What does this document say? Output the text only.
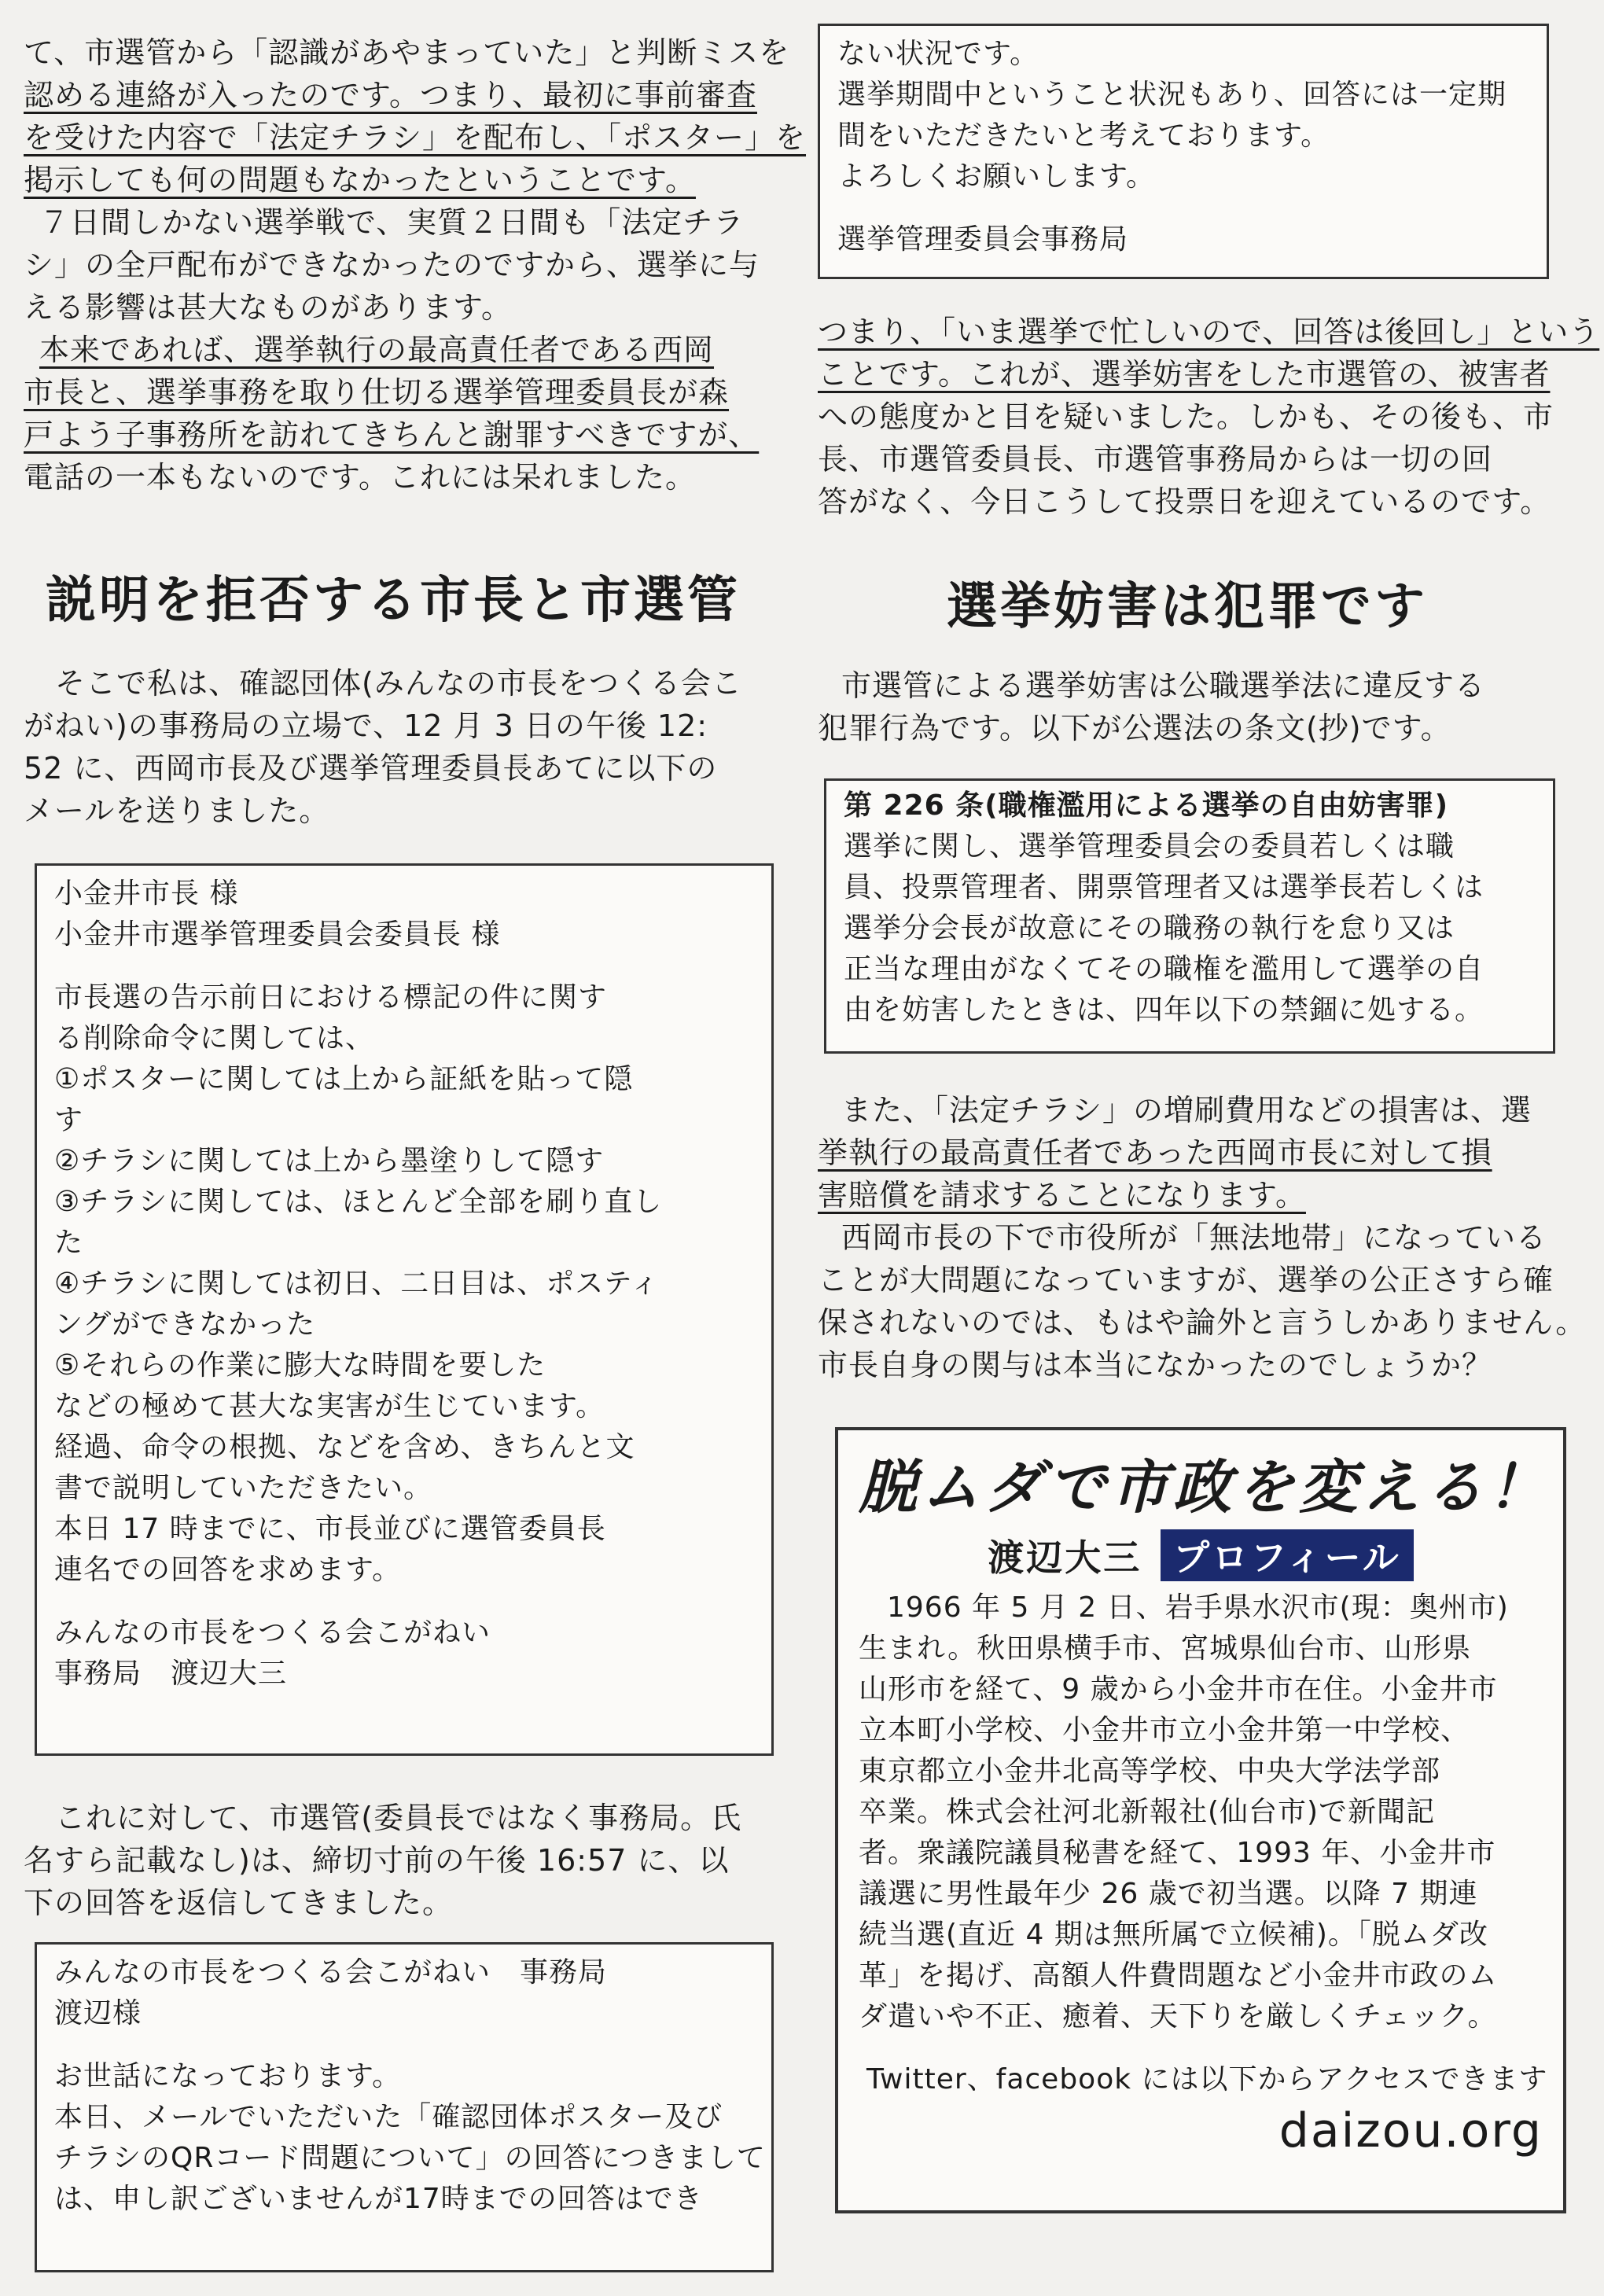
て、市選管から「認識があやまっていた」と判断ミスを
認める連絡が入ったのです。つまり、最初に事前審査
を受けた内容で「法定チラシ」を配布し、「ポスター」を
掲示しても何の問題もなかったということです。
７日間しかない選挙戦で、実質２日間も「法定チラ
シ」の全戸配布ができなかったのですから、選挙に与
える影響は甚大なものがあります。
本来であれば、選挙執行の最高責任者である西岡
市長と、選挙事務を取り仕切る選挙管理委員長が森
戸よう子事務所を訪れてきちんと謝罪すべきですが、
電話の一本もないのです。これには呆れました。
説明を拒否する市長と市選管
そこで私は、確認団体(みんなの市長をつくる会こ
がねい)の事務局の立場で、12 月 3 日の午後 12:
52 に、西岡市長及び選挙管理委員長あてに以下の
メールを送りました。
小金井市長 様
小金井市選挙管理委員会委員長 様
市長選の告示前日における標記の件に関す
る削除命令に関しては、
①ポスターに関しては上から証紙を貼って隠
す
②チラシに関しては上から墨塗りして隠す
③チラシに関しては、ほとんど全部を刷り直し
た
④チラシに関しては初日、二日目は、ポスティ
ングができなかった
⑤それらの作業に膨大な時間を要した
などの極めて甚大な実害が生じています。
経過、命令の根拠、などを含め、きちんと文
書で説明していただきたい。
本日 17 時までに、市長並びに選管委員長
連名での回答を求めます。
みんなの市長をつくる会こがねい
事務局　渡辺大三
これに対して、市選管(委員長ではなく事務局。氏
名すら記載なし)は、締切寸前の午後 16:57 に、以
下の回答を返信してきました。
みんなの市長をつくる会こがねい　事務局
渡辺様
お世話になっております。
本日、メールでいただいた「確認団体ポスター及び
チラシのQRコード問題について」の回答につきまして
は、申し訳ございませんが17時までの回答はでき
ない状況です。
選挙期間中ということ状況もあり、回答には一定期
間をいただきたいと考えております。
よろしくお願いします。
選挙管理委員会事務局
つまり、「いま選挙で忙しいので、回答は後回し」という
ことです。これが、選挙妨害をした市選管の、被害者
への態度かと目を疑いました。しかも、その後も、市
長、市選管委員長、市選管事務局からは一切の回
答がなく、今日こうして投票日を迎えているのです。
選挙妨害は犯罪です
市選管による選挙妨害は公職選挙法に違反する
犯罪行為です。以下が公選法の条文(抄)です。
第 226 条(職権濫用による選挙の自由妨害罪)
選挙に関し、選挙管理委員会の委員若しくは職
員、投票管理者、開票管理者又は選挙長若しくは
選挙分会長が故意にその職務の執行を怠り又は
正当な理由がなくてその職権を濫用して選挙の自
由を妨害したときは、四年以下の禁錮に処する。
また、「法定チラシ」の増刷費用などの損害は、選
挙執行の最高責任者であった西岡市長に対して損
害賠償を請求することになります。
西岡市長の下で市役所が「無法地帯」になっている
ことが大問題になっていますが、選挙の公正さすら確
保されないのでは、もはや論外と言うしかありません。
市長自身の関与は本当になかったのでしょうか？
脱ムダで市政を変える！
渡辺大三 プロフィール
1966 年 5 月 2 日、岩手県水沢市(現：奥州市)
生まれ。秋田県横手市、宮城県仙台市、山形県
山形市を経て、9 歳から小金井市在住。小金井市
立本町小学校、小金井市立小金井第一中学校、
東京都立小金井北高等学校、中央大学法学部
卒業。株式会社河北新報社(仙台市)で新聞記
者。衆議院議員秘書を経て、1993 年、小金井市
議選に男性最年少 26 歳で初当選。以降 7 期連
続当選(直近 4 期は無所属で立候補)。「脱ムダ改
革」を掲げ、高額人件費問題など小金井市政のム
ダ遣いや不正、癒着、天下りを厳しくチェック。
Twitter、facebook には以下からアクセスできます
daizou.org
